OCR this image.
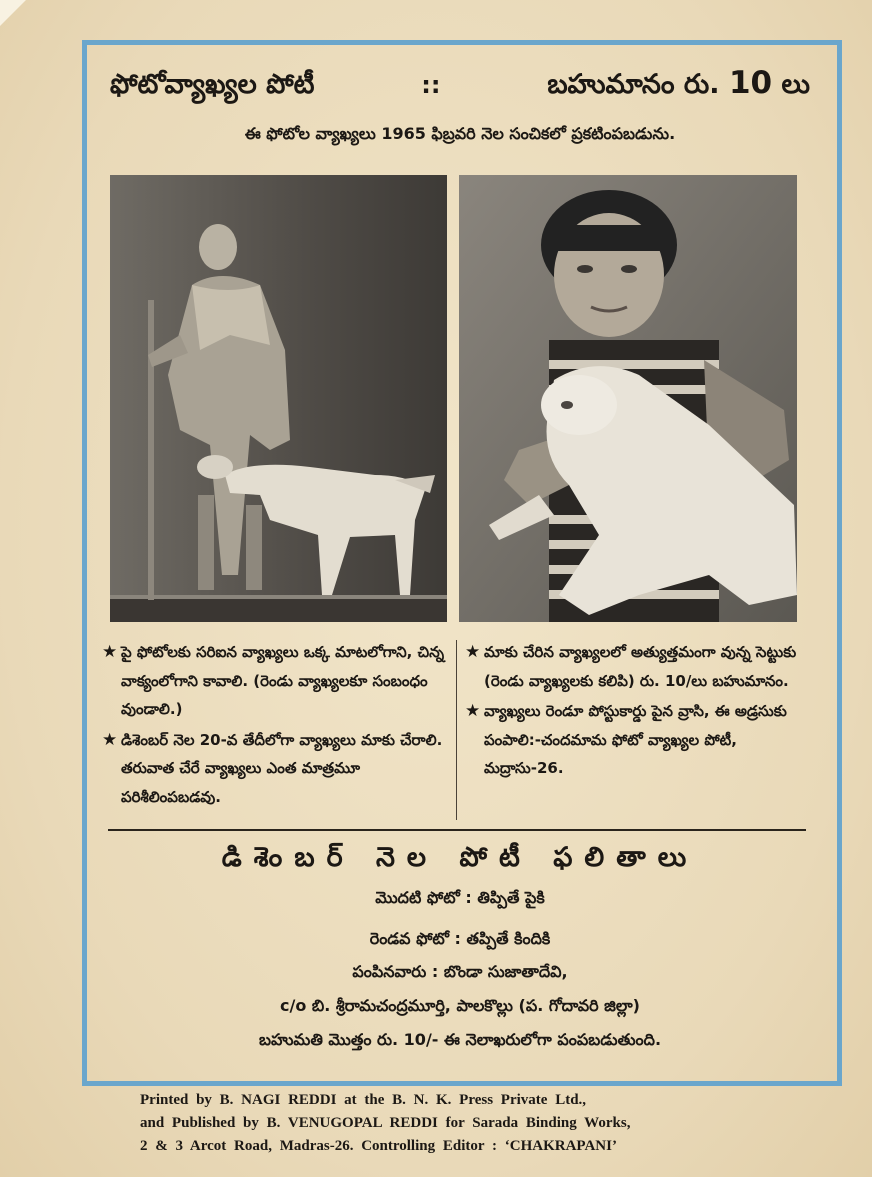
ఫోటోవ్యాఖ్యల పోటీ	::	బహుమానం రు. 10 లు
ఈ ఫోటోల వ్యాఖ్యలు 1965 ఫిబ్రవరి నెల సంచికలో ప్రకటింపబడును.
★ పై ఫోటోలకు సరిఐన వ్యాఖ్యలు ఒక్క మాటలోగాని, చిన్న వాక్యంలోగాని కావాలి. (రెండు వ్యాఖ్యలకూ సంబంధం వుండాలి.)
★ డిశెంబర్ నెల 20-వ తేదీలోగా వ్యాఖ్యలు మాకు చేరాలి. తరువాత చేరే వ్యాఖ్యలు ఎంత మాత్రమూ పరిశీలింపబడవు.
★ మాకు చేరిన వ్యాఖ్యలలో అత్యుత్తమంగా వున్న సెట్టుకు (రెండు వ్యాఖ్యలకు కలిపి) రు. 10/లు బహుమానం.
★ వ్యాఖ్యలు రెండూ పోస్టుకార్డు పైన వ్రాసి, ఈ అడ్రసుకు పంపాలి:-చందమామ ఫోటో వ్యాఖ్యల పోటీ, మద్రాసు-26.
డిశెంబర్ నెల పోటీ ఫలితాలు
మొదటి ఫోటో : తిప్పితే పైకి
రెండవ ఫోటో : తప్పితే కిందికి
పంపినవారు : బొండా సుజాతాదేవి,
c/o బి. శ్రీరామచంద్రమూర్తి, పాలకొల్లు (ప. గోదావరి జిల్లా)
బహుమతి మొత్తం రు. 10/- ఈ నెలాఖరులోగా పంపబడుతుంది.
Printed by B. NAGI REDDI at the B. N. K. Press Private Ltd.,
and Published by B. VENUGOPAL REDDI for Sarada Binding Works,
2 & 3 Arcot Road, Madras-26. Controlling Editor : ‘CHAKRAPANI’
